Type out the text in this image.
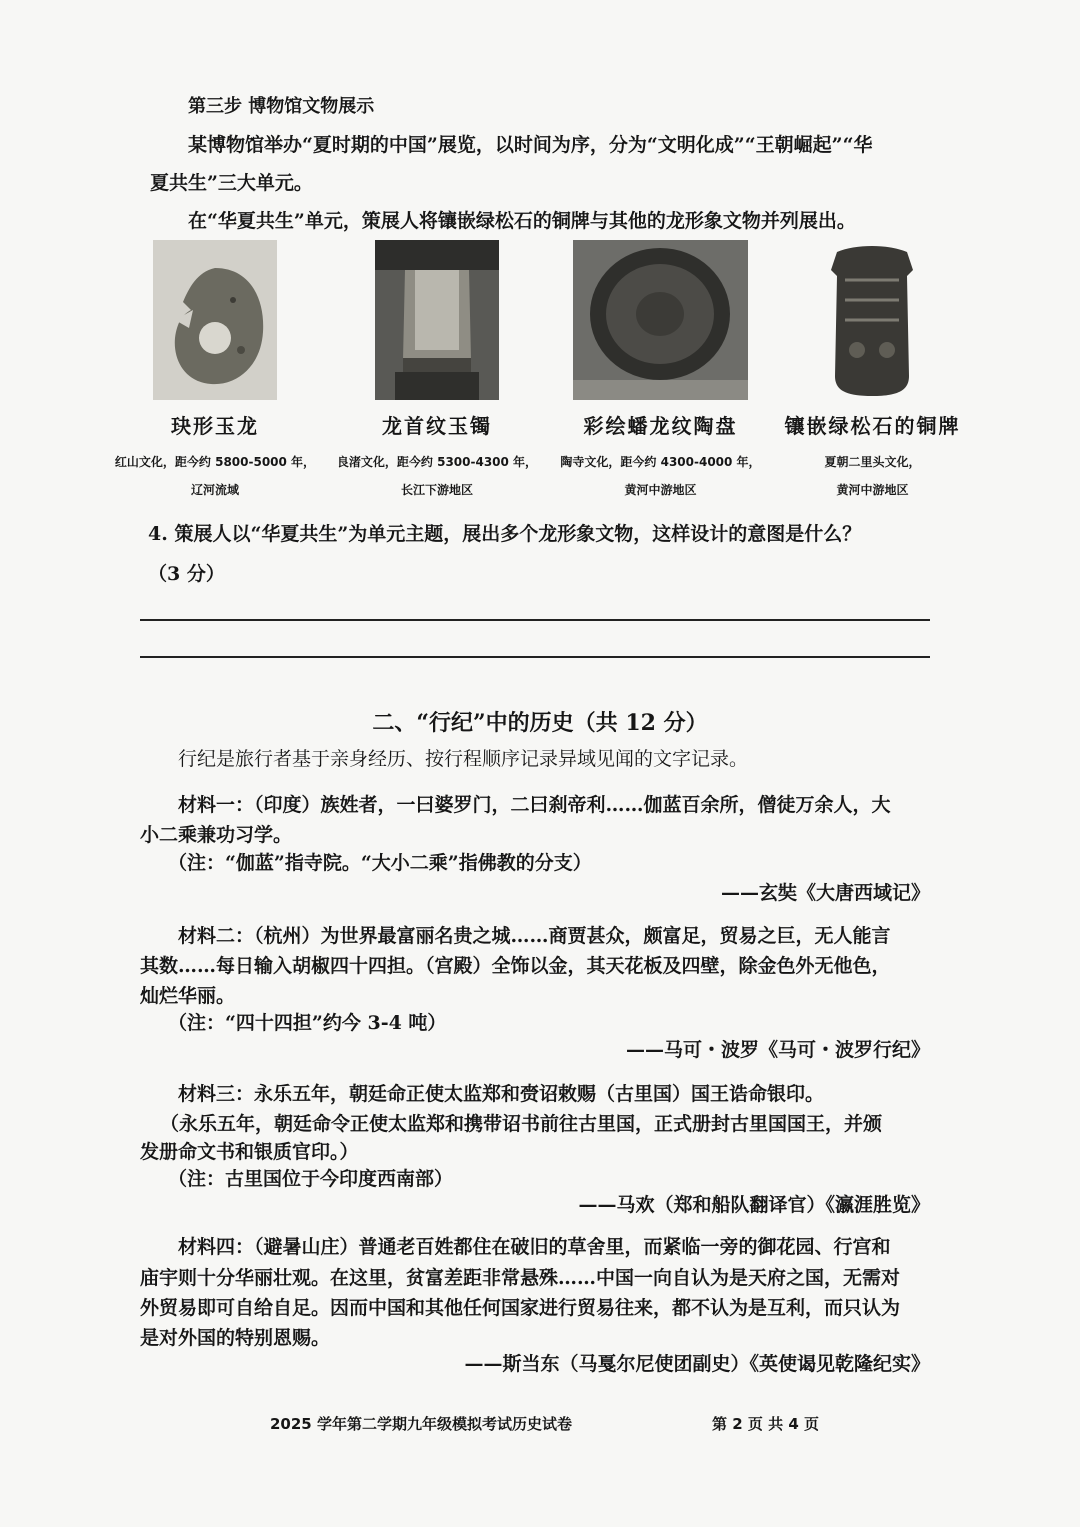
第三步 博物馆文物展示
某博物馆举办“夏时期的中国”展览，以时间为序，分为“文明化成”“王朝崛起”“华
夏共生”三大单元。
在“华夏共生”单元，策展人将镶嵌绿松石的铜牌与其他的龙形象文物并列展出。
玦形玉龙
红山文化，距今约 5800-5000 年，
辽河流域
龙首纹玉镯
良渚文化，距今约 5300-4300 年，
长江下游地区
彩绘蟠龙纹陶盘
陶寺文化，距今约 4300-4000 年，
黄河中游地区
镶嵌绿松石的铜牌
夏朝二里头文化，
黄河中游地区
4. 策展人以“华夏共生”为单元主题，展出多个龙形象文物，这样设计的意图是什么？
（3 分）
二、“行纪”中的历史（共 12 分）
行纪是旅行者基于亲身经历、按行程顺序记录异域见闻的文字记录。
材料一：（印度）族姓者，一曰婆罗门，二曰刹帝利……伽蓝百余所，僧徒万余人，大
小二乘兼功习学。
（注：“伽蓝”指寺院。“大小二乘”指佛教的分支）
——玄奘《大唐西域记》
材料二：（杭州）为世界最富丽名贵之城……商贾甚众，颇富足，贸易之巨，无人能言
其数……每日输入胡椒四十四担。（宫殿）全饰以金，其天花板及四壁，除金色外无他色，
灿烂华丽。
（注：“四十四担”约今 3-4 吨）
——马可・波罗《马可・波罗行纪》
材料三：永乐五年，朝廷命正使太监郑和赍诏敕赐（古里国）国王诰命银印。
（永乐五年，朝廷命令正使太监郑和携带诏书前往古里国，正式册封古里国国王，并颁
发册命文书和银质官印。）
（注：古里国位于今印度西南部）
——马欢（郑和船队翻译官）《瀛涯胜览》
材料四：（避暑山庄）普通老百姓都住在破旧的草舍里，而紧临一旁的御花园、行宫和
庙宇则十分华丽壮观。在这里，贫富差距非常悬殊……中国一向自认为是天府之国，无需对
外贸易即可自给自足。因而中国和其他任何国家进行贸易往来，都不认为是互利，而只认为
是对外国的特别恩赐。
——斯当东（马戛尔尼使团副史）《英使谒见乾隆纪实》
2025 学年第二学期九年级模拟考试历史试卷	第 2 页 共 4 页
